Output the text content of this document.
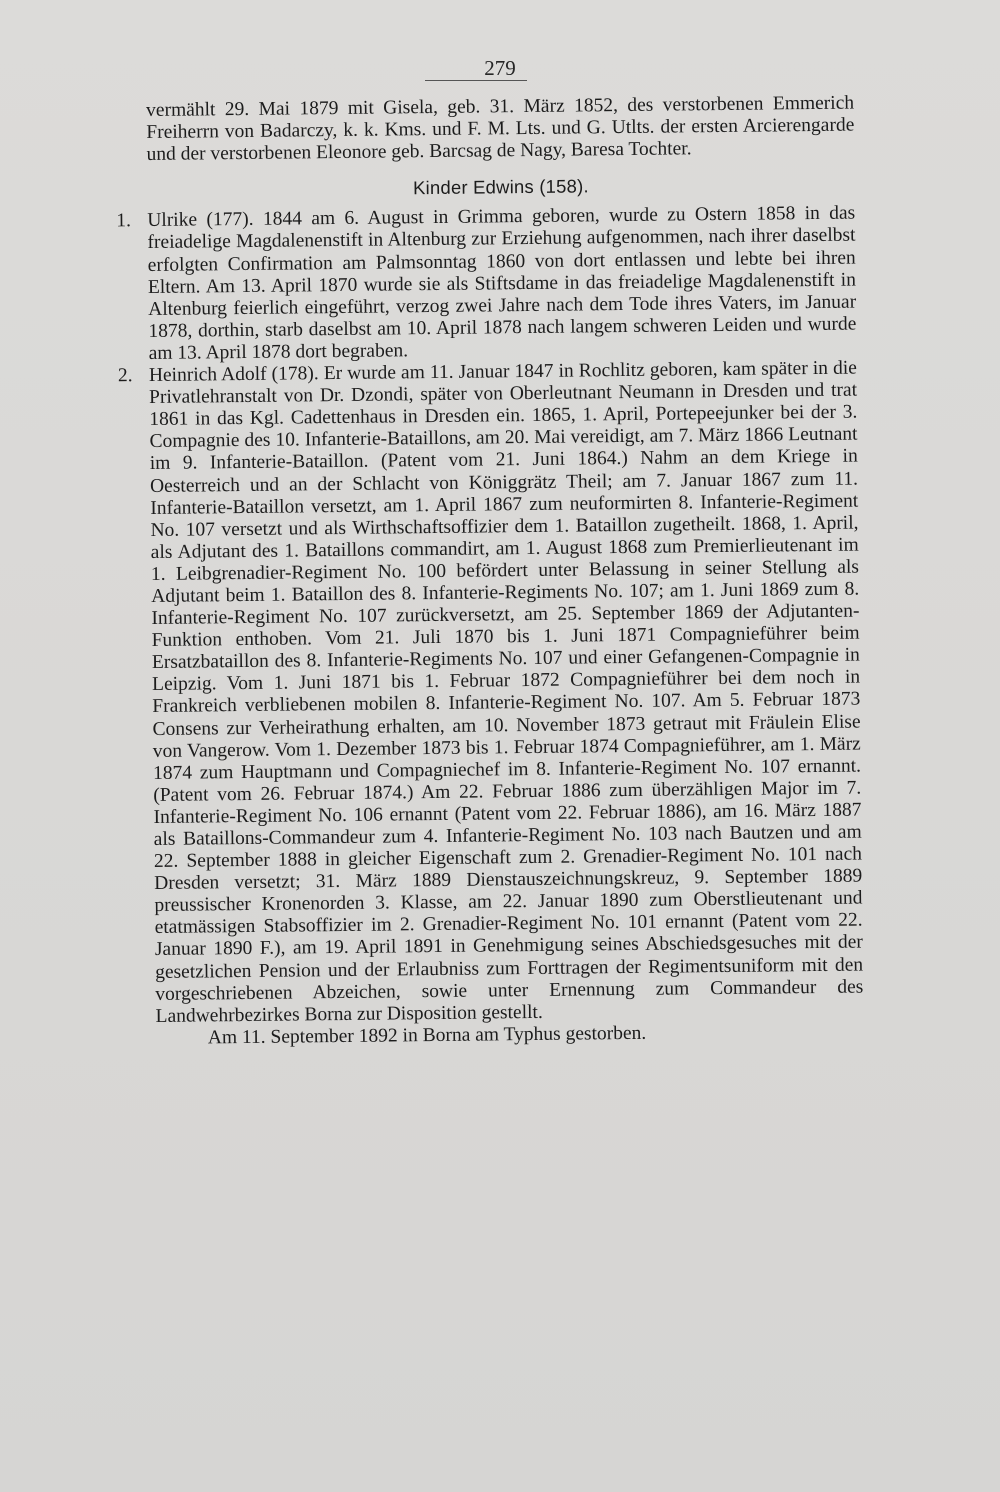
279

vermählt 29. Mai 1879 mit Gisela, geb. 31. März 1852, des verstorbenen Emmerich Freiherrn von Badarczy, k. k. Kms. und F. M. Lts. und G. Utlts. der ersten Arcierengarde und der verstorbenen Eleonore geb. Barcsag de Nagy, Baresa Tochter.

Kinder Edwins (158).

1. Ulrike (177). 1844 am 6. August in Grimma geboren, wurde zu Ostern 1858 in das freiadelige Magdalenenstift in Altenburg zur Erziehung aufgenommen, nach ihrer daselbst erfolgten Confirmation am Palmsonntag 1860 von dort entlassen und lebte bei ihren Eltern. Am 13. April 1870 wurde sie als Stiftsdame in das freiadelige Magdalenenstift in Altenburg feierlich eingeführt, verzog zwei Jahre nach dem Tode ihres Vaters, im Januar 1878, dorthin, starb daselbst am 10. April 1878 nach langem schweren Leiden und wurde am 13. April 1878 dort begraben.

2. Heinrich Adolf (178). Er wurde am 11. Januar 1847 in Rochlitz geboren, kam später in die Privatlehranstalt von Dr. Dzondi, später von Oberleutnant Neumann in Dresden und trat 1861 in das Kgl. Cadettenhaus in Dresden ein. 1865, 1. April, Portepeejunker bei der 3. Compagnie des 10. Infanterie-Bataillons, am 20. Mai vereidigt, am 7. März 1866 Leutnant im 9. Infanterie-Bataillon. (Patent vom 21. Juni 1864.) Nahm an dem Kriege in Oesterreich und an der Schlacht von Königgrätz Theil; am 7. Januar 1867 zum 11. Infanterie-Bataillon versetzt, am 1. April 1867 zum neuformirten 8. Infanterie-Regiment No. 107 versetzt und als Wirthschaftsoffizier dem 1. Bataillon zugetheilt. 1868, 1. April, als Adjutant des 1. Bataillons commandirt, am 1. August 1868 zum Premierlieutenant im 1. Leibgrenadier-Regiment No. 100 befördert unter Belassung in seiner Stellung als Adjutant beim 1. Bataillon des 8. Infanterie-Regiments No. 107; am 1. Juni 1869 zum 8. Infanterie-Regiment No. 107 zurückversetzt, am 25. September 1869 der Adjutanten-Funktion enthoben. Vom 21. Juli 1870 bis 1. Juni 1871 Compagnieführer beim Ersatzbataillon des 8. Infanterie-Regiments No. 107 und einer Gefangenen-Compagnie in Leipzig. Vom 1. Juni 1871 bis 1. Februar 1872 Compagnieführer bei dem noch in Frankreich verbliebenen mobilen 8. Infanterie-Regiment No. 107. Am 5. Februar 1873 Consens zur Verheirathung erhalten, am 10. November 1873 getraut mit Fräulein Elise von Vangerow. Vom 1. Dezember 1873 bis 1. Februar 1874 Compagnieführer, am 1. März 1874 zum Hauptmann und Compagniechef im 8. Infanterie-Regiment No. 107 ernannt. (Patent vom 26. Februar 1874.) Am 22. Februar 1886 zum überzähligen Major im 7. Infanterie-Regiment No. 106 ernannt (Patent vom 22. Februar 1886), am 16. März 1887 als Bataillons-Commandeur zum 4. Infanterie-Regiment No. 103 nach Bautzen und am 22. September 1888 in gleicher Eigenschaft zum 2. Grenadier-Regiment No. 101 nach Dresden versetzt; 31. März 1889 Dienstauszeichnungskreuz, 9. September 1889 preussischer Kronenorden 3. Klasse, am 22. Januar 1890 zum Oberstlieutenant und etatmässigen Stabsoffizier im 2. Grenadier-Regiment No. 101 ernannt (Patent vom 22. Januar 1890 F.), am 19. April 1891 in Genehmigung seines Abschiedsgesuches mit der gesetzlichen Pension und der Erlaubniss zum Forttragen der Regimentsuniform mit den vorgeschriebenen Abzeichen, sowie unter Ernennung zum Commandeur des Landwehrbezirkes Borna zur Disposition gestellt.

Am 11. September 1892 in Borna am Typhus gestorben.
